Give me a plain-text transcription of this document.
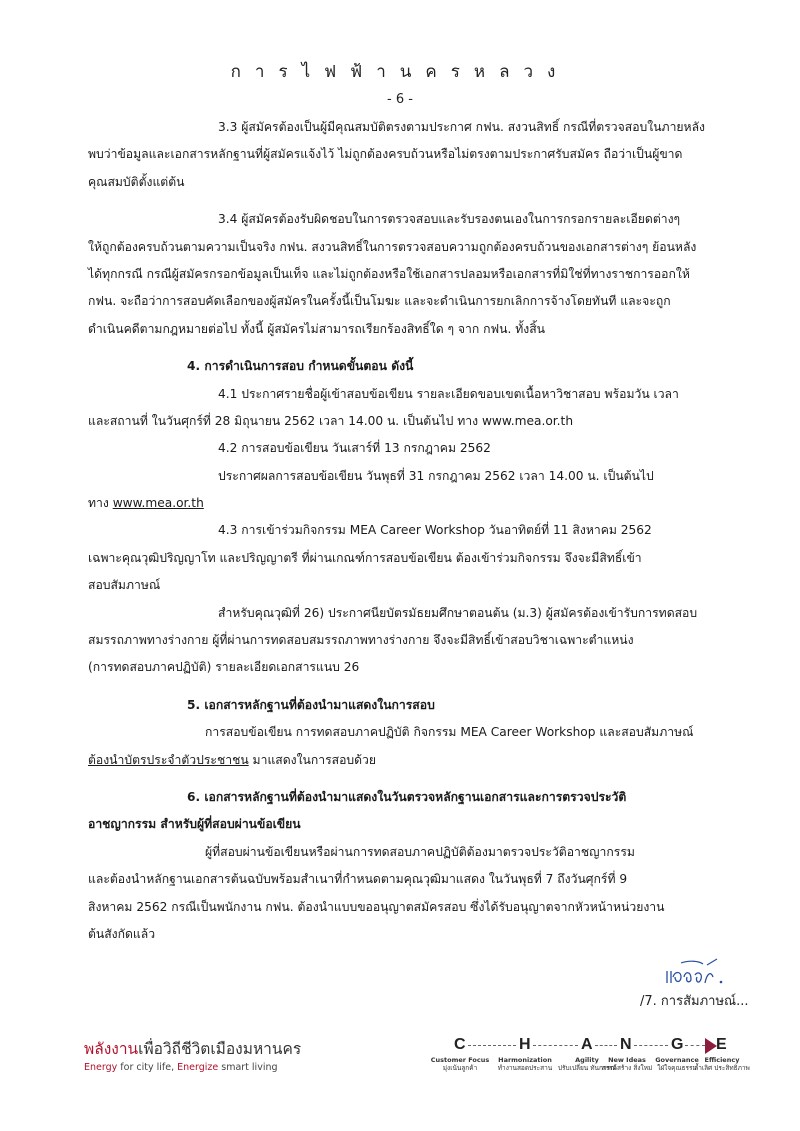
การไฟฟ้านครหลวง
- 6 -
3.3 ผู้สมัครต้องเป็นผู้มีคุณสมบัติตรงตามประกาศ กฟน. สงวนสิทธิ์ กรณีที่ตรวจสอบในภายหลัง
พบว่าข้อมูลและเอกสารหลักฐานที่ผู้สมัครแจ้งไว้ ไม่ถูกต้องครบถ้วนหรือไม่ตรงตามประกาศรับสมัคร ถือว่าเป็นผู้ขาด
คุณสมบัติตั้งแต่ต้น
3.4 ผู้สมัครต้องรับผิดชอบในการตรวจสอบและรับรองตนเองในการกรอกรายละเอียดต่างๆ
ให้ถูกต้องครบถ้วนตามความเป็นจริง กฟน. สงวนสิทธิ์ในการตรวจสอบความถูกต้องครบถ้วนของเอกสารต่างๆ ย้อนหลัง
ได้ทุกกรณี กรณีผู้สมัครกรอกข้อมูลเป็นเท็จ และไม่ถูกต้องหรือใช้เอกสารปลอมหรือเอกสารที่มิใช่ที่ทางราชการออกให้
กฟน. จะถือว่าการสอบคัดเลือกของผู้สมัครในครั้งนี้เป็นโมฆะ และจะดำเนินการยกเลิกการจ้างโดยทันที และจะถูก
ดำเนินคดีตามกฎหมายต่อไป ทั้งนี้ ผู้สมัครไม่สามารถเรียกร้องสิทธิ์ใด ๆ จาก กฟน. ทั้งสิ้น
4. การดำเนินการสอบ กำหนดขั้นตอน ดังนี้
4.1 ประกาศรายชื่อผู้เข้าสอบข้อเขียน รายละเอียดขอบเขตเนื้อหาวิชาสอบ พร้อมวัน เวลา
และสถานที่ ในวันศุกร์ที่ 28 มิถุนายน 2562 เวลา 14.00 น. เป็นต้นไป ทาง www.mea.or.th
4.2 การสอบข้อเขียน วันเสาร์ที่ 13 กรกฎาคม 2562
ประกาศผลการสอบข้อเขียน วันพุธที่ 31 กรกฎาคม 2562 เวลา 14.00 น. เป็นต้นไป
ทาง www.mea.or.th
4.3 การเข้าร่วมกิจกรรม MEA Career Workshop วันอาทิตย์ที่ 11 สิงหาคม 2562
เฉพาะคุณวุฒิปริญญาโท และปริญญาตรี ที่ผ่านเกณฑ์การสอบข้อเขียน ต้องเข้าร่วมกิจกรรม จึงจะมีสิทธิ์เข้า
สอบสัมภาษณ์
สำหรับคุณวุฒิที่ 26) ประกาศนียบัตรมัธยมศึกษาตอนต้น (ม.3) ผู้สมัครต้องเข้ารับการทดสอบ
สมรรถภาพทางร่างกาย ผู้ที่ผ่านการทดสอบสมรรถภาพทางร่างกาย จึงจะมีสิทธิ์เข้าสอบวิชาเฉพาะตำแหน่ง
(การทดสอบภาคปฏิบัติ) รายละเอียดเอกสารแนบ 26
5. เอกสารหลักฐานที่ต้องนำมาแสดงในการสอบ
การสอบข้อเขียน การทดสอบภาคปฏิบัติ กิจกรรม MEA Career Workshop และสอบสัมภาษณ์
ต้องนำบัตรประจำตัวประชาชน มาแสดงในการสอบด้วย
6. เอกสารหลักฐานที่ต้องนำมาแสดงในวันตรวจหลักฐานเอกสารและการตรวจประวัติ
อาชญากรรม สำหรับผู้ที่สอบผ่านข้อเขียน
ผู้ที่สอบผ่านข้อเขียนหรือผ่านการทดสอบภาคปฏิบัติต้องมาตรวจประวัติอาชญากรรม
และต้องนำหลักฐานเอกสารต้นฉบับพร้อมสำเนาที่กำหนดตามคุณวุฒิมาแสดง ในวันพุธที่ 7 ถึงวันศุกร์ที่ 9
สิงหาคม 2562 กรณีเป็นพนักงาน กฟน. ต้องนำแบบขออนุญาตสมัครสอบ ซึ่งได้รับอนุญาตจากหัวหน้าหน่วยงาน
ต้นสังกัดแล้ว
/7. การสัมภาษณ์...
พลังงานเพื่อวิถีชีวิตเมืองมหานคร
Energy for city life, Energize smart living
C	H	A N G E
Customer Focus
มุ่งเน้นลูกค้า
Harmonization
ทำงานสอดประสาน
Agility
ปรับเปลี่ยน ทันการณ์
New Ideas
สรรค์สร้าง สิ่งใหม่
Governance
ใฝ่ใจคุณธรรม
Efficiency
ล้ำเลิศ ประสิทธิภาพ
